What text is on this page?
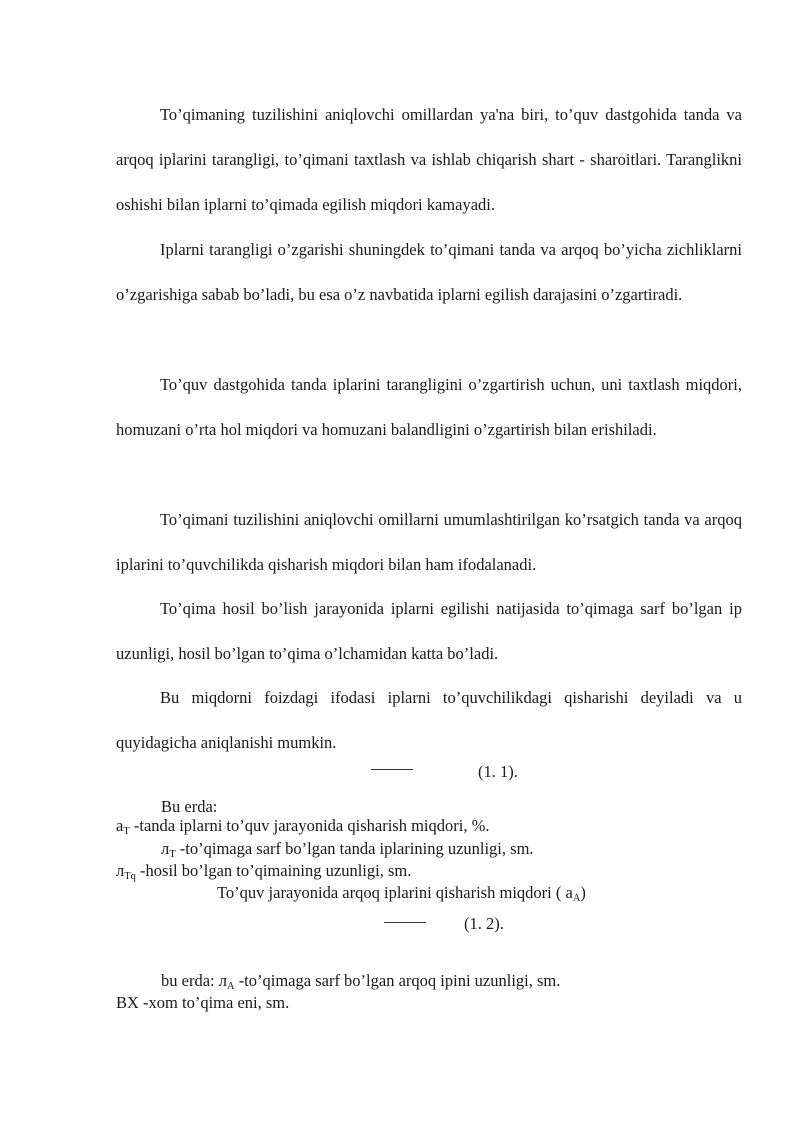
To’qimaning tuzilishini aniqlovchi omillardan ya'na biri, to’quv dastgohida tanda va arqoq iplarini tarangligi, to’qimani taxtlash va ishlab chiqarish shart - sharoitlari. Taranglikni oshishi bilan iplarni to’qimada egilish miqdori kamayadi.

Iplarni tarangligi o’zgarishi shuningdek to’qimani tanda va arqoq bo’yicha zichliklarni o’zgarishiga sabab bo’ladi, bu esa o’z navbatida iplarni egilish darajasini o’zgartiradi.

To’quv dastgohida tanda iplarini tarangligini o’zgartirish uchun, uni taxtlash miqdori, homuzani o’rta hol miqdori va homuzani balandligini o’zgartirish bilan erishiladi.

To’qimani tuzilishini aniqlovchi omillarni umumlashtirilgan ko’rsatgich tanda va arqoq iplarini to’quvchilikda qisharish miqdori bilan ham ifodalanadi.

To’qima hosil bo’lish jarayonida iplarni egilishi natijasida to’qimaga sarf bo’lgan ip uzunligi, hosil bo’lgan to’qima o’lchamidan katta bo’ladi.

Bu miqdorni foizdagi ifodasi iplarni to’quvchilikdagi qisharishi deyiladi va u quyidagicha aniqlanishi mumkin.

(1. 1).
Bu erda:
$a_T$ -tanda iplarni to’quv jarayonida qisharish miqdori, %.
$л_T$ -to’qimaga sarf bo’lgan tanda iplarining uzunligi, sm.
$л_{Tq}$ -hosil bo’lgan to’qimaining uzunligi, sm.
To’quv jarayonida arqoq iplarini qisharish miqdori ( $a_A$)
(1. 2).
bu erda: $л_A$ -to’qimaga sarf bo’lgan arqoq ipini uzunligi, sm.
BX -xom to’qima eni, sm.
